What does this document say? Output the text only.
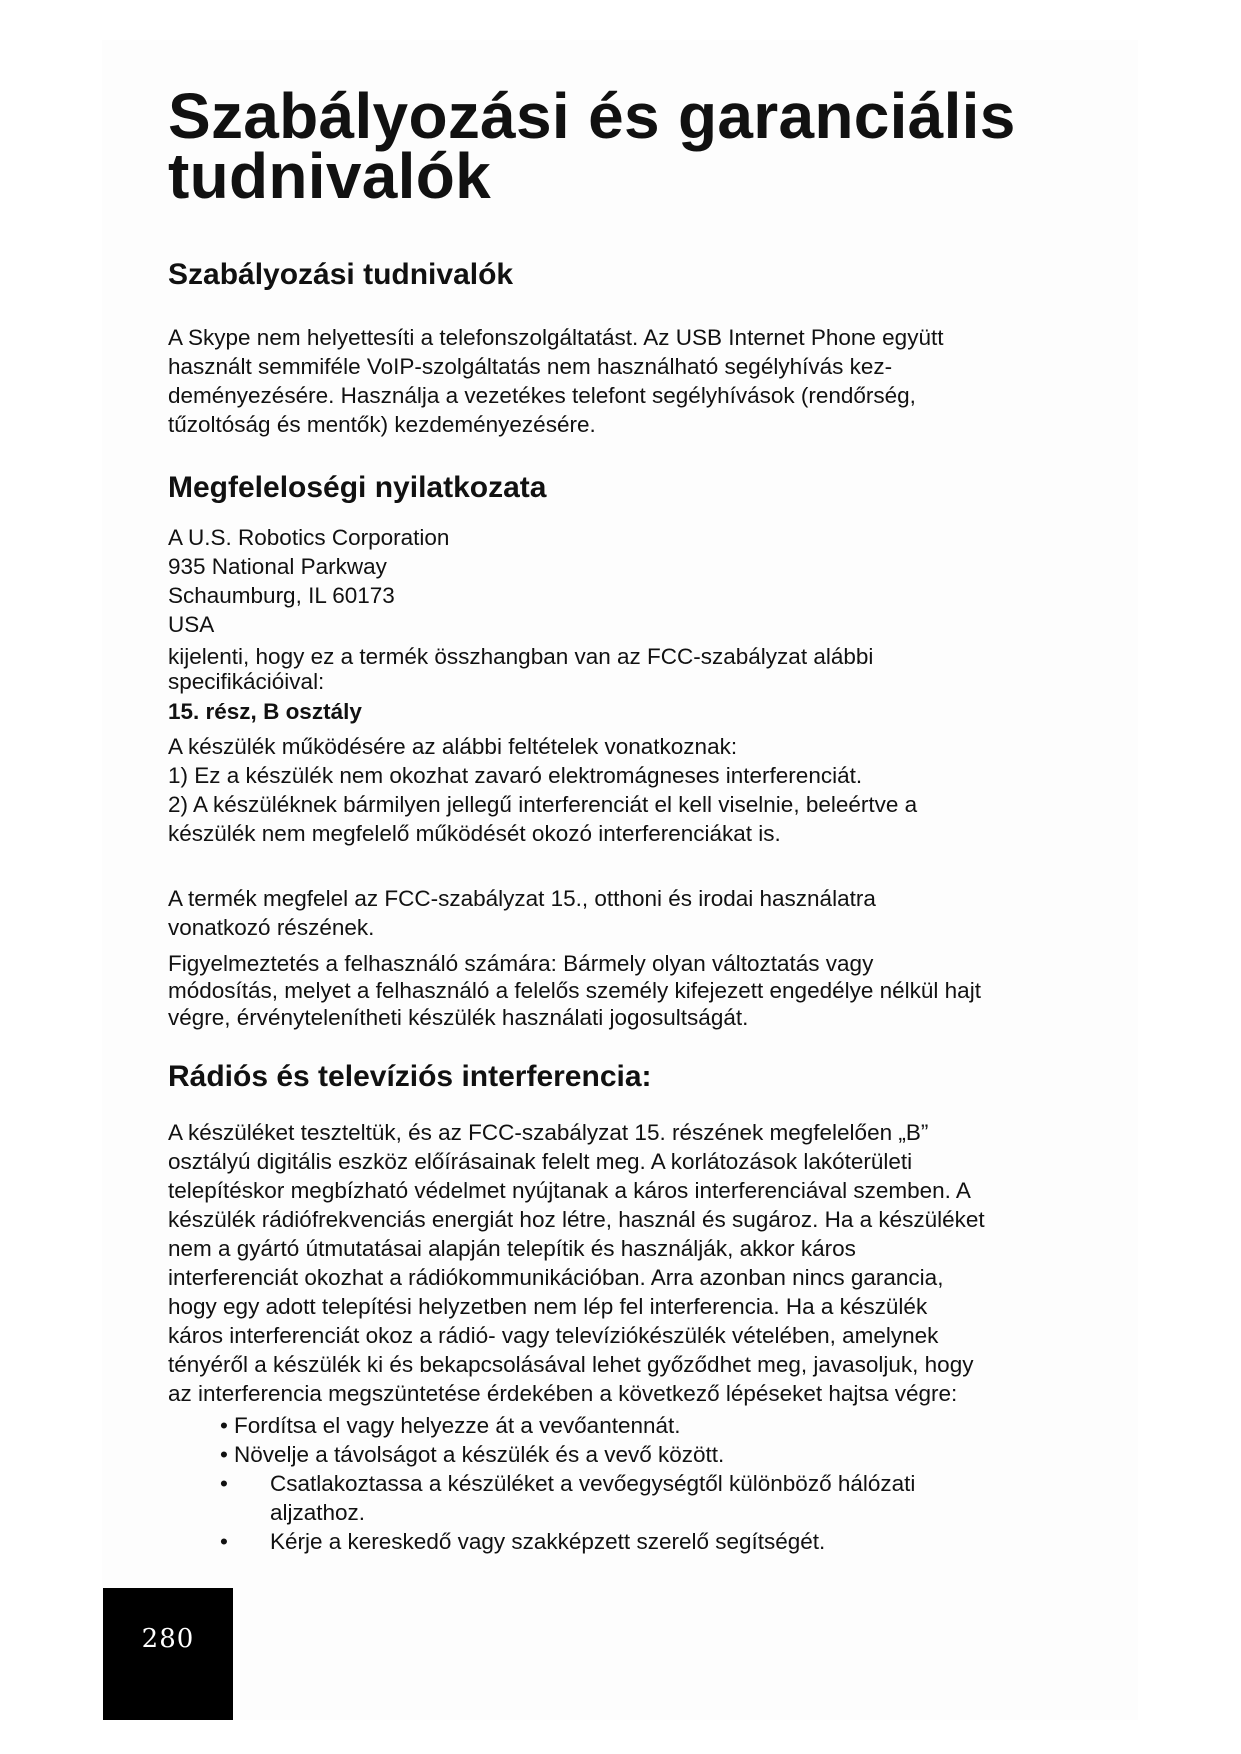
Szabályozási és garanciális
tudnivalók
Szabályozási tudnivalók

A Skype nem helyettesíti a telefonszolgáltatást. Az USB Internet Phone együtt

használt semmiféle VoIP-szolgáltatás nem használható segélyhívás kez-

deményezésére. Használja a vezetékes telefont segélyhívások (rendőrség,

tűzoltóság és mentők) kezdeményezésére.

Megfeleloségi nyilatkozata

A U.S. Robotics Corporation

935 National Parkway

Schaumburg, IL 60173

USA

kijelenti, hogy ez a termék összhangban van az FCC-szabályzat alábbi

specifikációival:

15. rész, B osztály

A készülék működésére az alábbi feltételek vonatkoznak:

1) Ez a készülék nem okozhat zavaró elektromágneses interferenciát.

2) A készüléknek bármilyen jellegű interferenciát el kell viselnie, beleértve a

készülék nem megfelelő működését okozó interferenciákat is.

A termék megfelel az FCC-szabályzat 15., otthoni és irodai használatra

vonatkozó részének.

Figyelmeztetés a felhasználó számára: Bármely olyan változtatás vagy

módosítás, melyet a felhasználó a felelős személy kifejezett engedélye nélkül hajt

végre, érvénytelenítheti készülék használati jogosultságát.

Rádiós és televíziós interferencia:

A készüléket teszteltük, és az FCC-szabályzat 15. részének megfelelően „B”

osztályú digitális eszköz előírásainak felelt meg. A korlátozások lakóterületi

telepítéskor megbízható védelmet nyújtanak a káros interferenciával szemben. A

készülék rádiófrekvenciás energiát hoz létre, használ és sugároz. Ha a készüléket

nem a gyártó útmutatásai alapján telepítik és használják, akkor káros

interferenciát okozhat a rádiókommunikációban. Arra azonban nincs garancia,

hogy egy adott telepítési helyzetben nem lép fel interferencia. Ha a készülék

káros interferenciát okoz a rádió- vagy televíziókészülék vételében, amelynek

tényéről a készülék ki és bekapcsolásával lehet győződhet meg, javasoljuk, hogy

az interferencia megszüntetése érdekében a következő lépéseket hajtsa végre:

• Fordítsa el vagy helyezze át a vevőantennát.
• Növelje a távolságot a készülék és a vevő között.
• Csatlakoztassa a készüléket a vevőegységtől különböző hálózati
aljzathoz.
• Kérje a kereskedő vagy szakképzett szerelő segítségét.
280
